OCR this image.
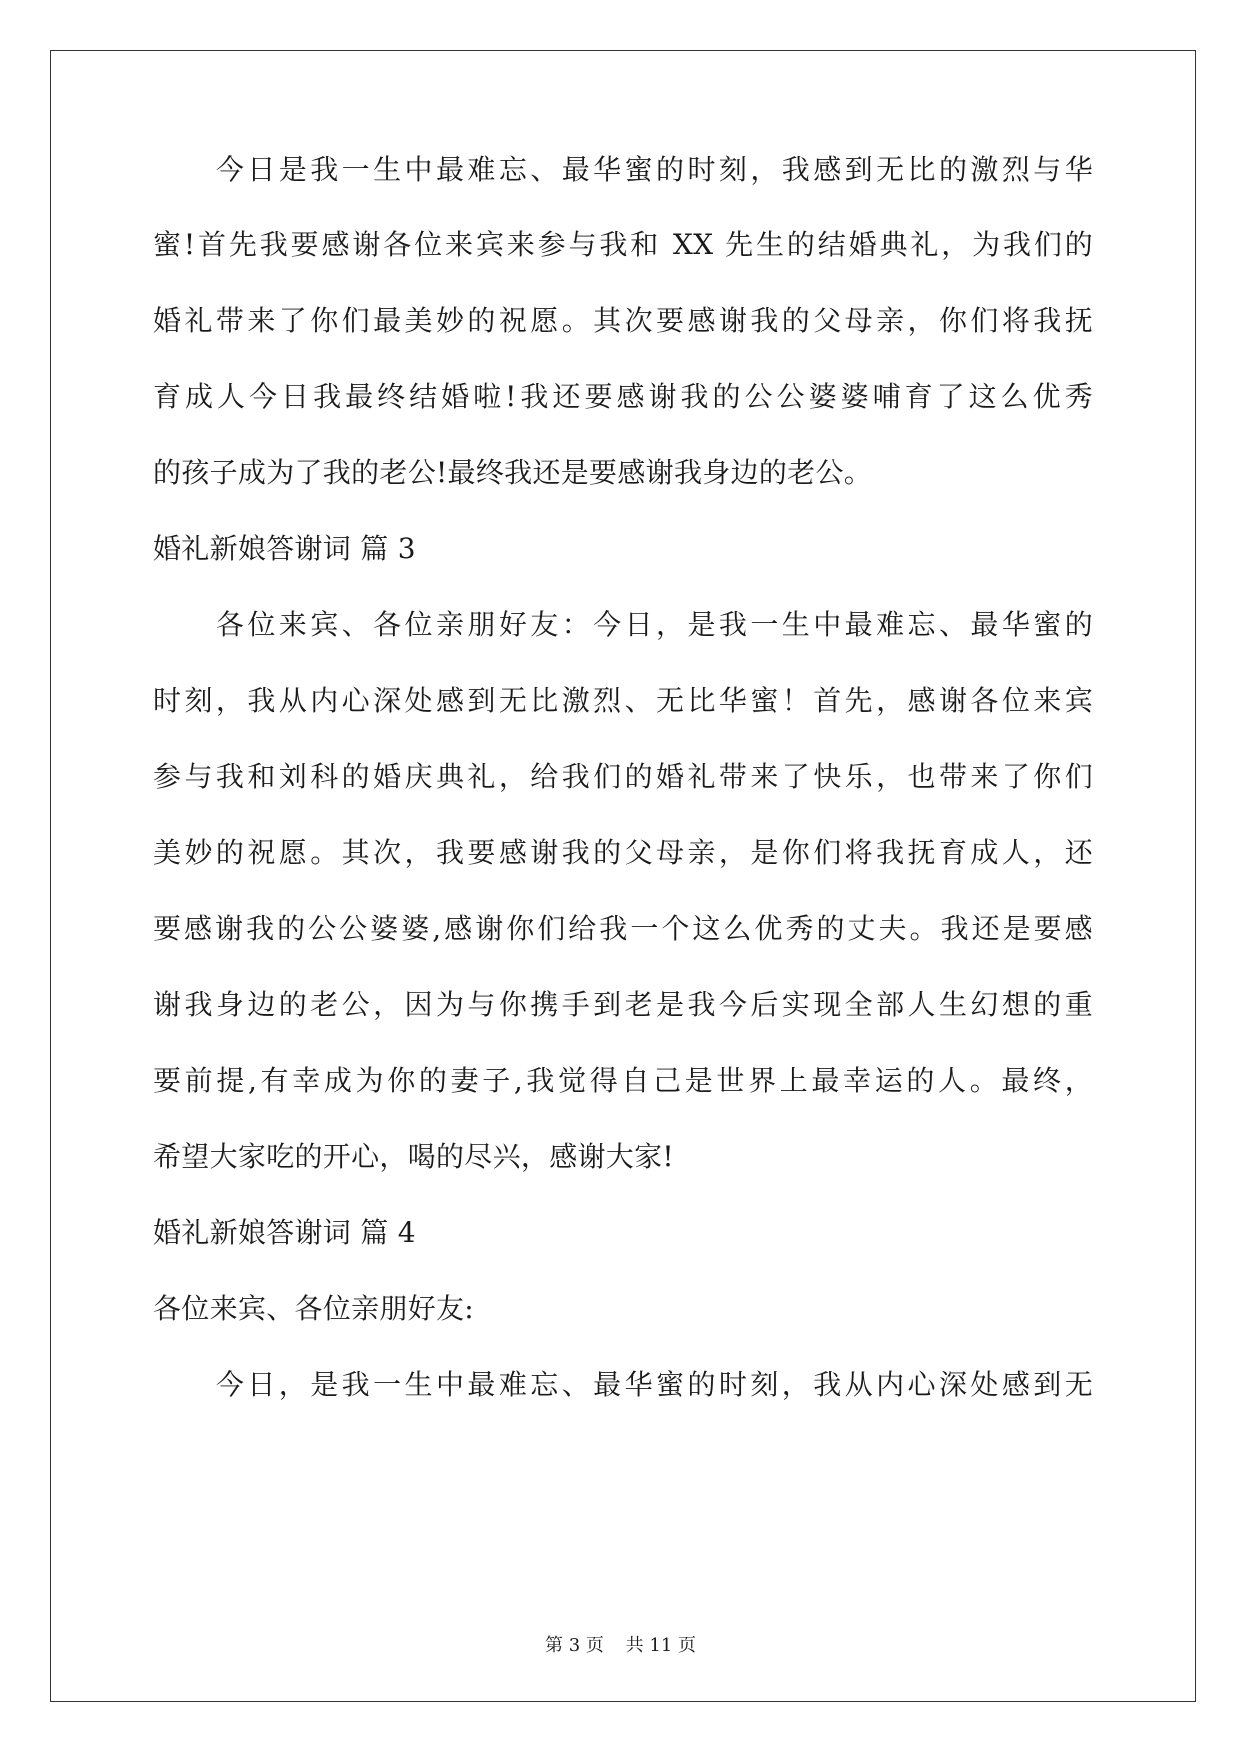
　　今日是我一生中最难忘、最华蜜的时刻，我感到无比的激烈与华
蜜!首先我要感谢各位来宾来参与我和 XX 先生的结婚典礼，为我们的
婚礼带来了你们最美妙的祝愿。其次要感谢我的父母亲，你们将我抚
育成人今日我最终结婚啦!我还要感谢我的公公婆婆哺育了这么优秀
的孩子成为了我的老公!最终我还是要感谢我身边的老公。
婚礼新娘答谢词 篇 3
　　各位来宾、各位亲朋好友：今日，是我一生中最难忘、最华蜜的
时刻，我从内心深处感到无比激烈、无比华蜜！首先，感谢各位来宾
参与我和刘科的婚庆典礼，给我们的婚礼带来了快乐，也带来了你们
美妙的祝愿。其次，我要感谢我的父母亲，是你们将我抚育成人，还
要感谢我的公公婆婆,感谢你们给我一个这么优秀的丈夫。我还是要感
谢我身边的老公，因为与你携手到老是我今后实现全部人生幻想的重
要前提,有幸成为你的妻子,我觉得自己是世界上最幸运的人。最终，
希望大家吃的开心，喝的尽兴，感谢大家!
婚礼新娘答谢词 篇 4
各位来宾、各位亲朋好友:
　　今日，是我一生中最难忘、最华蜜的时刻，我从内心深处感到无
第 3 页 共 11 页
